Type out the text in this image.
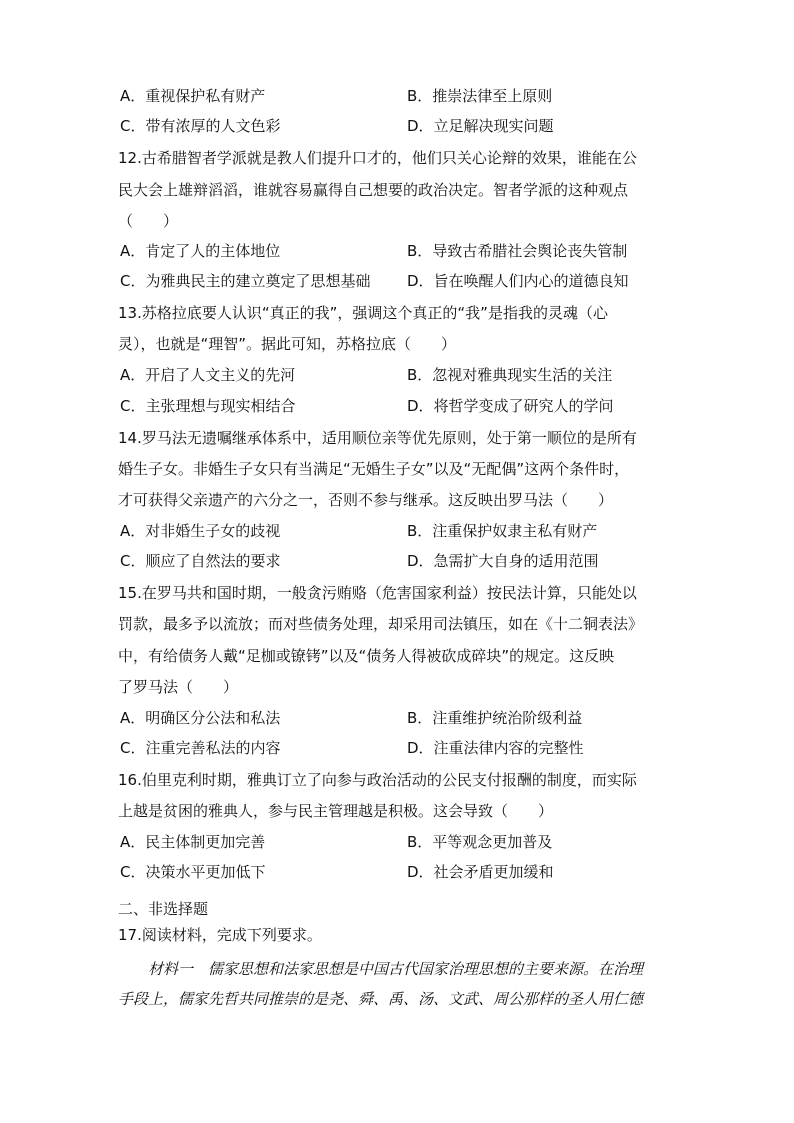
A．重视保护私有财产	B．推崇法律至上原则
C．带有浓厚的人文色彩	D．立足解决现实问题
12.古希腊智者学派就是教人们提升口才的，他们只关心论辩的效果，谁能在公
民大会上雄辩滔滔，谁就容易赢得自己想要的政治决定。智者学派的这种观点
（　　）
A．肯定了人的主体地位	B．导致古希腊社会舆论丧失管制
C．为雅典民主的建立奠定了思想基础 D．旨在唤醒人们内心的道德良知
13.苏格拉底要人认识“真正的我”，强调这个真正的“我”是指我的灵魂（心
灵），也就是“理智”。据此可知，苏格拉底（　　）
A．开启了人文主义的先河	B．忽视对雅典现实生活的关注
C．主张理想与现实相结合	D．将哲学变成了研究人的学问
14.罗马法无遗嘱继承体系中，适用顺位亲等优先原则，处于第一顺位的是所有
婚生子女。非婚生子女只有当满足“无婚生子女”以及“无配偶”这两个条件时，
才可获得父亲遗产的六分之一，否则不参与继承。这反映出罗马法（　　）
A．对非婚生子女的歧视	B．注重保护奴隶主私有财产
C．顺应了自然法的要求	D．急需扩大自身的适用范围
15.在罗马共和国时期，一般贪污贿赂（危害国家利益）按民法计算，只能处以
罚款，最多予以流放；而对些债务处理，却采用司法镇压，如在《十二铜表法》
中，有给债务人戴“足枷或镣铐”以及“债务人得被砍成碎块”的规定。这反映
了罗马法（　　）
A．明确区分公法和私法	B．注重维护统治阶级利益
C．注重完善私法的内容	D．注重法律内容的完整性
16.伯里克利时期，雅典订立了向参与政治活动的公民支付报酬的制度，而实际
上越是贫困的雅典人，参与民主管理越是积极。这会导致（　　）
A．民主体制更加完善	B．平等观念更加普及
C．决策水平更加低下	D．社会矛盾更加缓和
二、非选择题
17.阅读材料，完成下列要求。
材料一　儒家思想和法家思想是中国古代国家治理思想的主要来源。在治理
手段上，儒家先哲共同推崇的是尧、舜、禹、汤、文武、周公那样的圣人用仁德
